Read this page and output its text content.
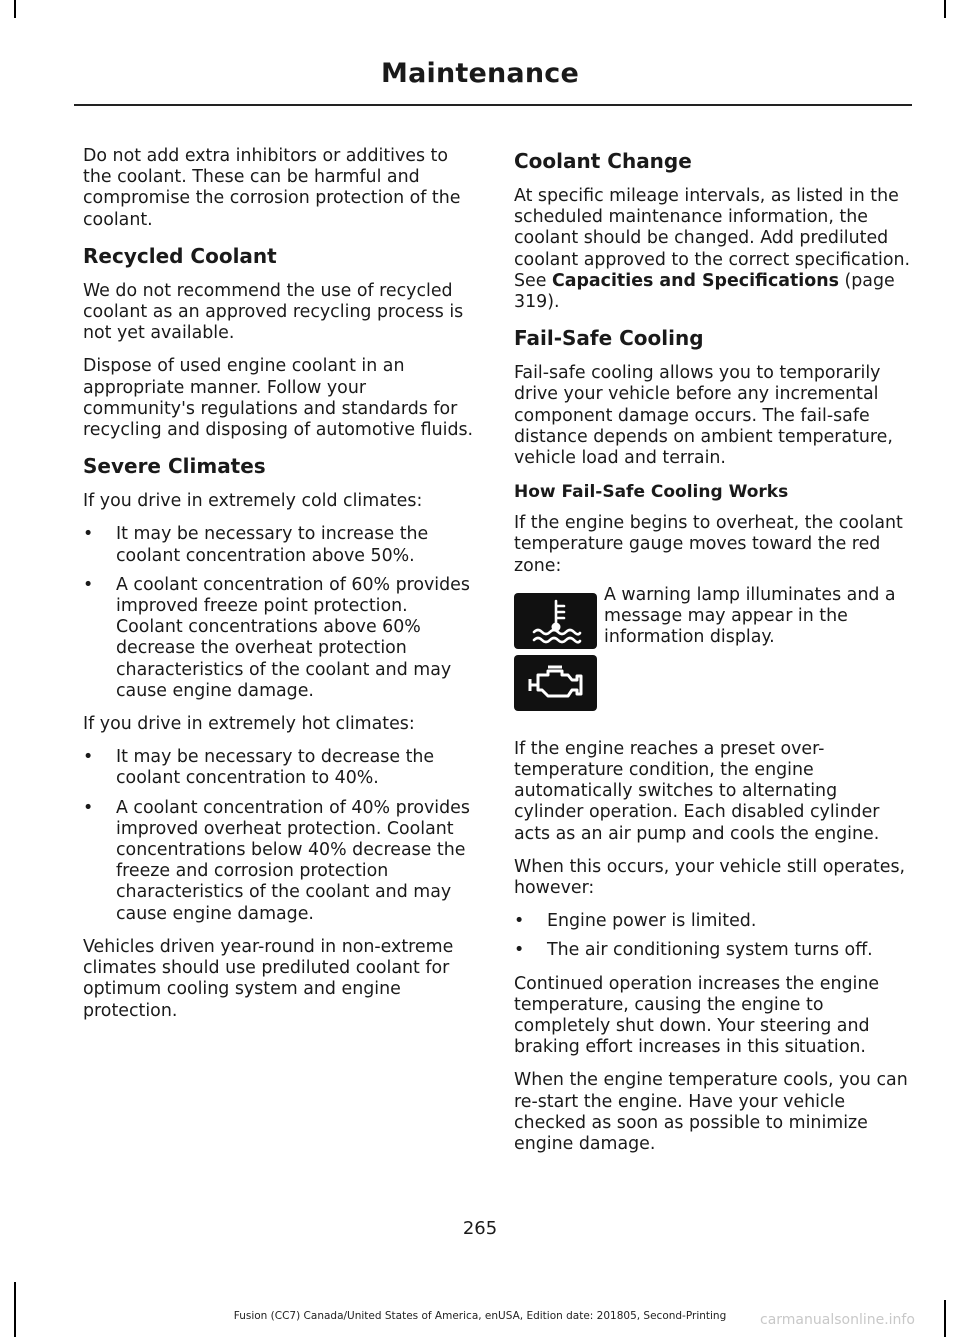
Maintenance

Do not add extra inhibitors or additives to the coolant. These can be harmful and compromise the corrosion protection of the coolant.

Recycled Coolant

We do not recommend the use of recycled coolant as an approved recycling process is not yet available.

Dispose of used engine coolant in an appropriate manner. Follow your community's regulations and standards for recycling and disposing of automotive fluids.

Severe Climates

If you drive in extremely cold climates:

• It may be necessary to increase the coolant concentration above 50%.
• A coolant concentration of 60% provides improved freeze point protection. Coolant concentrations above 60% decrease the overheat protection characteristics of the coolant and may cause engine damage.

If you drive in extremely hot climates:

• It may be necessary to decrease the coolant concentration to 40%.
• A coolant concentration of 40% provides improved overheat protection. Coolant concentrations below 40% decrease the freeze and corrosion protection characteristics of the coolant and may cause engine damage.

Vehicles driven year-round in non-extreme climates should use prediluted coolant for optimum cooling system and engine protection.

Coolant Change

At specific mileage intervals, as listed in the scheduled maintenance information, the coolant should be changed. Add prediluted coolant approved to the correct specification. See Capacities and Specifications (page 319).

Fail-Safe Cooling

Fail-safe cooling allows you to temporarily drive your vehicle before any incremental component damage occurs. The fail-safe distance depends on ambient temperature, vehicle load and terrain.

How Fail-Safe Cooling Works

If the engine begins to overheat, the coolant temperature gauge moves toward the red zone:

A warning lamp illuminates and a message may appear in the information display.

If the engine reaches a preset over-temperature condition, the engine automatically switches to alternating cylinder operation. Each disabled cylinder acts as an air pump and cools the engine.

When this occurs, your vehicle still operates, however:

• Engine power is limited.
• The air conditioning system turns off.

Continued operation increases the engine temperature, causing the engine to completely shut down. Your steering and braking effort increases in this situation.

When the engine temperature cools, you can re-start the engine. Have your vehicle checked as soon as possible to minimize engine damage.

265
Fusion (CC7) Canada/United States of America, enUSA, Edition date: 201805, Second-Printing	carmanualsonline.info
